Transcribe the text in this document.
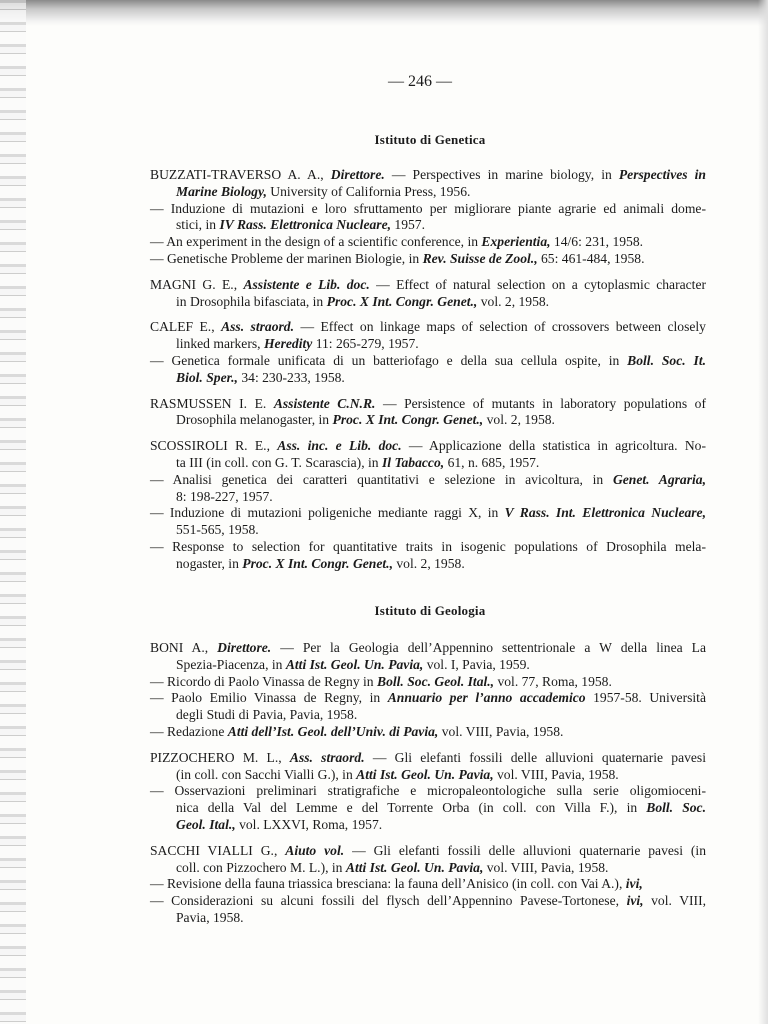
— 246 —
Istituto di Genetica
BUZZATI-TRAVERSO A. A., Direttore. — Perspectives in marine biology, in Perspectives in
Marine Biology, University of California Press, 1956.
— Induzione di mutazioni e loro sfruttamento per migliorare piante agrarie ed animali dome-
stici, in IV Rass. Elettronica Nucleare, 1957.
— An experiment in the design of a scientific conference, in Experientia, 14/6: 231, 1958.
— Genetische Probleme der marinen Biologie, in Rev. Suisse de Zool., 65: 461-484, 1958.
MAGNI G. E., Assistente e Lib. doc. — Effect of natural selection on a cytoplasmic character
in Drosophila bifasciata, in Proc. X Int. Congr. Genet., vol. 2, 1958.
CALEF E., Ass. straord. — Effect on linkage maps of selection of crossovers between closely
linked markers, Heredity 11: 265-279, 1957.
— Genetica formale unificata di un batteriofago e della sua cellula ospite, in Boll. Soc. It.
Biol. Sper., 34: 230-233, 1958.
RASMUSSEN I. E. Assistente C.N.R. — Persistence of mutants in laboratory populations of
Drosophila melanogaster, in Proc. X Int. Congr. Genet., vol. 2, 1958.
SCOSSIROLI R. E., Ass. inc. e Lib. doc. — Applicazione della statistica in agricoltura. No-
ta III (in coll. con G. T. Scarascia), in Il Tabacco, 61, n. 685, 1957.
— Analisi genetica dei caratteri quantitativi e selezione in avicoltura, in Genet. Agraria,
8: 198-227, 1957.
— Induzione di mutazioni poligeniche mediante raggi X, in V Rass. Int. Elettronica Nucleare,
551-565, 1958.
— Response to selection for quantitative traits in isogenic populations of Drosophila mela-
nogaster, in Proc. X Int. Congr. Genet., vol. 2, 1958.
Istituto di Geologia
BONI A., Direttore. — Per la Geologia dell’Appennino settentrionale a W della linea La
Spezia-Piacenza, in Atti Ist. Geol. Un. Pavia, vol. I, Pavia, 1959.
— Ricordo di Paolo Vinassa de Regny in Boll. Soc. Geol. Ital., vol. 77, Roma, 1958.
— Paolo Emilio Vinassa de Regny, in Annuario per l’anno accademico 1957-58. Università
degli Studi di Pavia, Pavia, 1958.
— Redazione Atti dell’Ist. Geol. dell’Univ. di Pavia, vol. VIII, Pavia, 1958.
PIZZOCHERO M. L., Ass. straord. — Gli elefanti fossili delle alluvioni quaternarie pavesi
(in coll. con Sacchi Vialli G.), in Atti Ist. Geol. Un. Pavia, vol. VIII, Pavia, 1958.
— Osservazioni preliminari stratigrafiche e micropaleontologiche sulla serie oligomioceni-
nica della Val del Lemme e del Torrente Orba (in coll. con Villa F.), in Boll. Soc.
Geol. Ital., vol. LXXVI, Roma, 1957.
SACCHI VIALLI G., Aiuto vol. — Gli elefanti fossili delle alluvioni quaternarie pavesi (in
coll. con Pizzochero M. L.), in Atti Ist. Geol. Un. Pavia, vol. VIII, Pavia, 1958.
— Revisione della fauna triassica bresciana: la fauna dell’Anisico (in coll. con Vai A.), ivi,
— Considerazioni su alcuni fossili del flysch dell’Appennino Pavese-Tortonese, ivi, vol. VIII,
Pavia, 1958.
